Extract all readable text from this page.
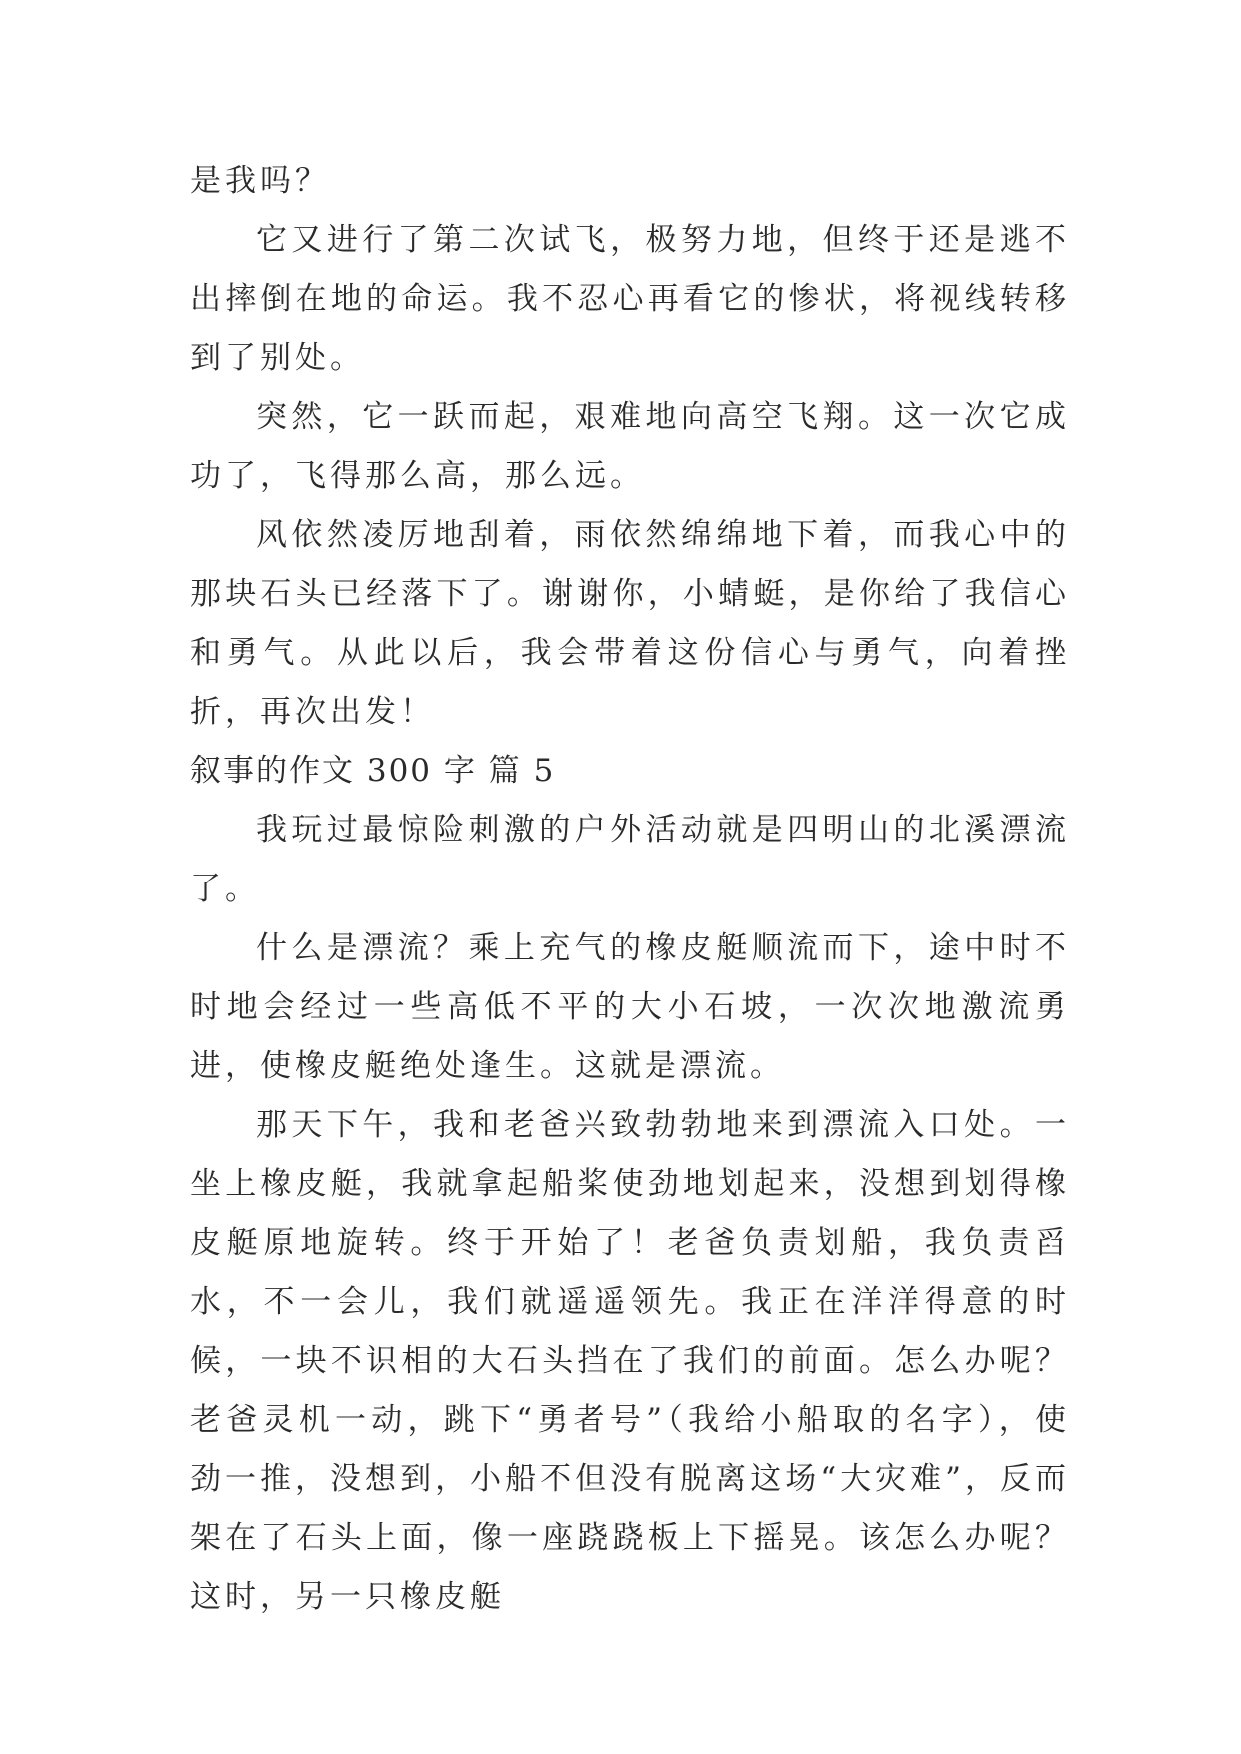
是我吗？

它又进行了第二次试飞，极努力地，但终于还是逃不出摔倒在地的命运。我不忍心再看它的惨状，将视线转移到了别处。

突然，它一跃而起，艰难地向高空飞翔。这一次它成功了，飞得那么高，那么远。

风依然凌厉地刮着，雨依然绵绵地下着，而我心中的那块石头已经落下了。谢谢你，小蜻蜓，是你给了我信心和勇气。从此以后，我会带着这份信心与勇气，向着挫折，再次出发！

叙事的作文 300 字 篇 5

我玩过最惊险刺激的户外活动就是四明山的北溪漂流了。

什么是漂流？乘上充气的橡皮艇顺流而下，途中时不时地会经过一些高低不平的大小石坡，一次次地激流勇进，使橡皮艇绝处逢生。这就是漂流。

那天下午，我和老爸兴致勃勃地来到漂流入口处。一坐上橡皮艇，我就拿起船桨使劲地划起来，没想到划得橡皮艇原地旋转。终于开始了！老爸负责划船，我负责舀水，不一会儿，我们就遥遥领先。我正在洋洋得意的时候，一块不识相的大石头挡在了我们的前面。怎么办呢？老爸灵机一动，跳下“勇者号”（我给小船取的名字），使劲一推，没想到，小船不但没有脱离这场“大灾难”，反而架在了石头上面，像一座跷跷板上下摇晃。该怎么办呢？这时，另一只橡皮艇
